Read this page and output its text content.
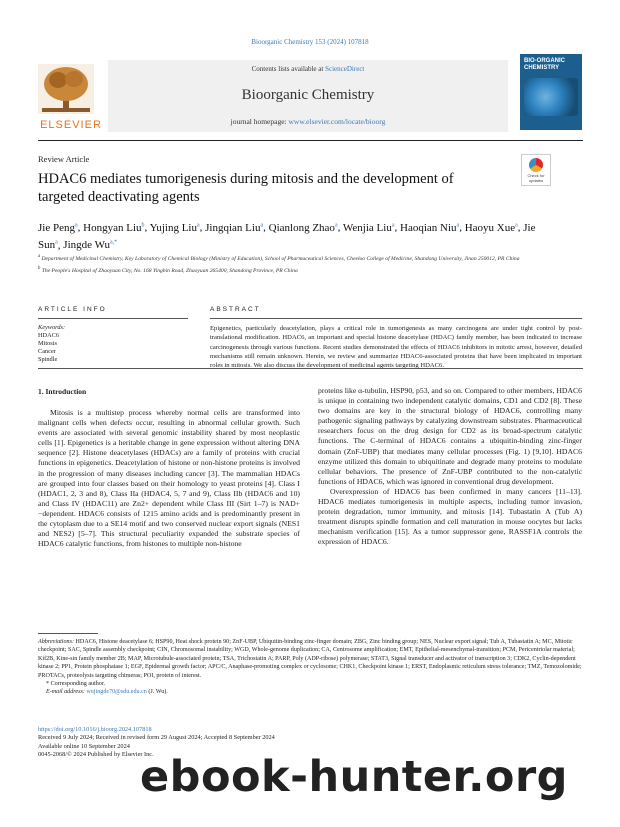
Bioorganic Chemistry 153 (2024) 107818
ELSEVIER
Contents lists available at ScienceDirect
Bioorganic Chemistry
journal homepage: www.elsevier.com/locate/bioorg
BIO-ORGANIC CHEMISTRY
Review Article
HDAC6 mediates tumorigenesis during mitosis and the development of targeted deactivating agents
Check for updates
Jie Peng$^a$, Hongyan Liu$^b$, Yujing Liu$^a$, Jingqian Liu$^a$, Qianlong Zhao$^a$, Wenjia Liu$^a$, Haoqian Niu$^a$, Haoyu Xue$^a$, Jie Sun$^a$, Jingde $Wu^{a,*}$
$^a$ Department of Medicinal Chemistry, Key Laboratory of Chemical Biology (Ministry of Education), School of Pharmaceutical Sciences, Cheeloo College of Medicine, Shandong University, Jinan 250012, PR China
$^b$ The People's Hospital of Zhaoyuan City, No. 168 Yingbin Road, Zhaoyuan 265400, Shandong Province, PR China
ARTICLE INFO	ABSTRACT
Keywords:
HDAC6
Mitosis
Cancer
Spindle
Epigenetics, particularly deacetylation, plays a critical role in tumorigenesis as many carcinogens are under tight control by post-translational modification. HDAC6, an important and special histone deacetylase (HDAC) family member, has been indicated to increase carcinogenesis through various functions. Recent studies demonstrated the effects of HDAC6 inhibitors in mitotic arrest, however, detailed mechanisms still remain unknown. Herein, we review and summarize HDAC6-associated proteins that have been implicated in important roles in mitosis. We also discuss the development of medicinal agents targeting HDAC6.
1. Introduction

Mitosis is a multistep process whereby normal cells are transformed into malignant cells when defects occur, resulting in abnormal cellular growth. Such events are associated with several genomic instability shared by most neoplastic cells [1]. Epigenetics is a heritable change in gene expression without altering DNA sequence [2]. Histone deacetylases (HDACs) are a family of proteins with crucial functions in epigenetics. Deacetylation of histone or non-histone proteins is involved in the progression of many diseases including cancer [3]. The mammalian HDACs are grouped into four classes based on their homology to yeast proteins [4]. Class I (HDAC1, 2, 3 and 8), Class IIa (HDAC4, 5, 7 and 9), Class IIb (HDAC6 and 10) and Class IV (HDAC11) are Zn2+ dependent while Class III (Sirt 1–7) is NAD+ −dependent. HDAC6 consists of 1215 amino acids and is predominantly present in the cytoplasm due to a SE14 motif and two conserved nuclear export signals (NES1 and NES2) [5–7]. This structural peculiarity expanded the substrate species of HDAC6 catalytic functions, from histones to multiple non-histone

proteins like α-tubulin, HSP90, p53, and so on. Compared to other members, HDAC6 is unique in containing two independent catalytic domains, CD1 and CD2 [8]. These two domains are key in the structural biology of HDAC6, controlling many pathogenic signaling pathways by catalyzing downstream substrates. Pharmaceutical researchers focus on the drug design for CD2 as its broad-spectrum catalytic functions. The C-terminal of HDAC6 contains a ubiquitin-binding zinc-finger domain (ZnF-UBP) that mediates many cellular processes (Fig. 1) [9,10]. HDAC6 enzyme utilized this domain to ubiquitinate and degrade many proteins to modulate cellular behaviors. The presence of ZnF-UBP contributed to the non-catalytic functions of HDAC6, which was ignored in conventional drug development.

Overexpression of HDAC6 has been confirmed in many cancers [11–13]. HDAC6 mediates tumorigenesis in multiple aspects, including tumor invasion, protein degradation, tumor immunity, and mitosis [14]. Tubastatin A (Tub A) treatment disrupts spindle formation and cell maturation in mouse oocytes but lacks mechanism verification [15]. As a tumor suppressor gene, RASSF1A controls the expression of HDAC6.

Abbreviations: HDAC6, Histone deacetylase 6; HSP90, Heat shock protein 90; ZnF-UBP, Ubiquitin-binding zinc-finger domain; ZBG, Zinc binding group; NES, Nuclear export signal; Tub A, Tubastatin A; MC, Mitotic checkpoint; SAC, Spindle assembly checkpoint; CIN, Chromosomal instability; WGD, Whole-genome duplication; CA, Centrosome amplification; EMT, Epithelial-mesenchymal-transition; PCM, Pericentriolar material; Kif2B, Kine-sin family member 2B; MAP, Microtubule-associated protein; TSA, Trichostatin A; PARP, Poly (ADP-ribose) polymerase; STAT3, Signal transducer and activator of transcription 3; CDK2, Cyclin-dependent kinase 2; PP1, Protein phosphatase 1; EGF, Epidermal growth factor; APC/C, Anaphase-promoting complex or cyclosome; CHK1, Checkpoint kinase 1; ERST, Endoplasmic reticulum stress tolerance; TMZ, Temozolomide; PROTACs, proteolysis targeting chimeras; POI, protein of interest.
* Corresponding author.
E-mail address: wujingde70@sdu.edu.cn (J. Wu).
https://doi.org/10.1016/j.bioorg.2024.107818
Received 9 July 2024; Received in revised form 29 August 2024; Accepted 8 September 2024
Available online 10 September 2024
0045-2068/© 2024 Published by Elsevier Inc.
ebook-hunter.org
